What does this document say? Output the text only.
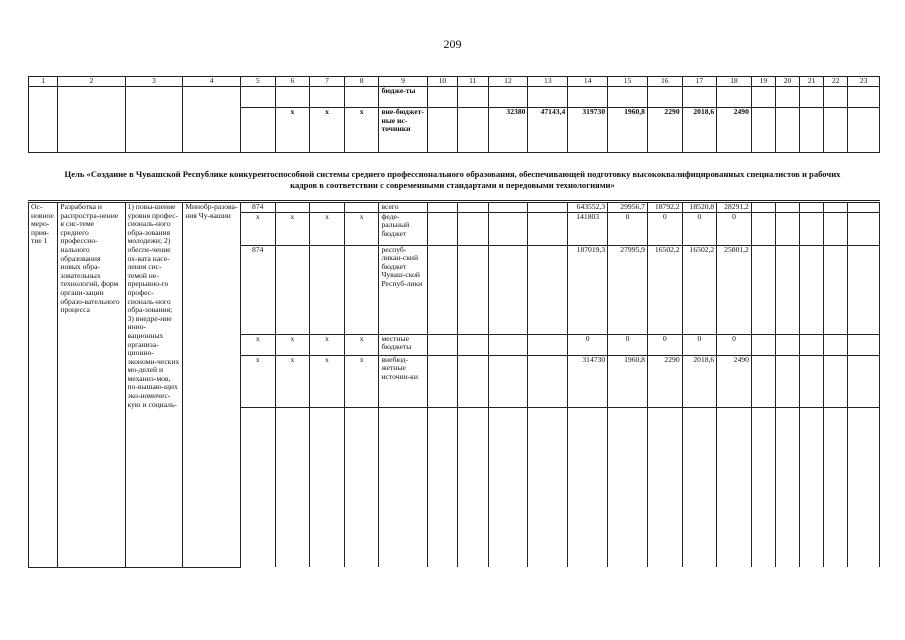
209
1	2	3	4	5	6	7	8	9	10	11	12	13	14	15	16	17	18	19	20	21	22	23
								бюдже-ты														
					x	x	x	вне-бюджет-ные ис-точники			32380	47143,4	319730	1960,8	2290	2018,6	2490					
Цель «Создание в Чувашской Республике конкурентоспособной системы среднего профессионального образования, обеспечивающей подготовку высококвалифицированных специалистов и рабочих кадров в соответствии с современными стандартами и передовыми технологиями»
Ос-новное меро-прия-тие 1	Разработка и распростра-нение в сис-теме среднего профессио-нального образования новых обра-зовательных технологий, форм органи-зации образо-вательного процесса	1) повы-шение уровня профес-сиональ-ного обра-зования молодежи; 2) обеспе-чение ох-вата насе-ления сис-темой не-прерывно-го профес-сиональ-ного обра-зования; 3) внедре-ние инно-вационных организа-ционно-экономи-ческих мо-делей и механиз-мов, по-вышаю-щих эко-номичес-кую и социаль-	Минобр-разова-ния Чу-вашии	874				всего					643552,3	29956,7	18792,2	18520,8	28291,2					
				x	x	x	x	феде-ральный бюджет					141803	0	0	0	0					
				874				респуб-ликан-ский бюджет Чуваш-ской Респуб-лики					187019,3	27995,9	16502,2	16502,2	25801,2					
				x	x	x	x	местные бюджеты					0	0	0	0	0					
				x	x	x	x	внебюд-жетные источни-ки					314730	1960,8	2290	2018,6	2490					
